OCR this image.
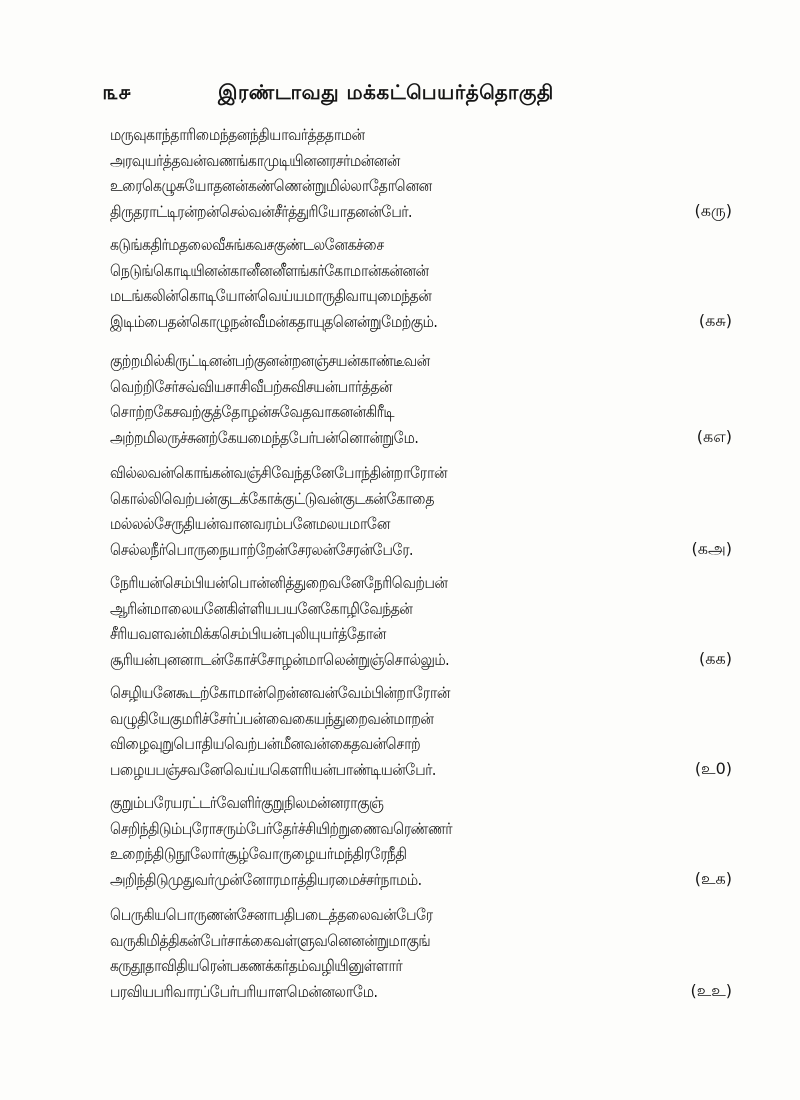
௩௪	இரண்டாவது மக்கட்பெயர்த்தொகுதி
மருவுகாந்தாரிமைந்தனந்தியாவர்த்ததாமன்
அரவுயர்த்தவன்வணங்காமுடியினனரசர்மன்னன்
உரைகெழுசுயோதனன்கண்ணென்றுமில்லாதோனென
திருதராட்டிரன்றன்செல்வன்சீர்த்துரியோதனன்பேர்.	(கரு)
கடுங்கதிர்மதலைவீசுங்கவசகுண்டலனேகச்சை
நெடுங்கொடியினன்கானீனனீளங்கர்கோமான்கன்னன்
மடங்கலின்கொடியோன்வெய்யமாருதிவாயுமைந்தன்
இடிம்பைதன்கொழுநன்வீமன்கதாயுதனென்றுமேற்கும்.	(கசு)
குற்றமில்கிருட்டினன்பற்குனன்றனஞ்சயன்காண்டீவன்
வெற்றிசேர்சவ்வியசாசிவீபற்சுவிசயன்பார்த்தன்
சொற்றகேசவற்குத்தோழன்சுவேதவாகனன்கிரீடி
அற்றமிலருச்சுனற்கேயமைந்தபேர்பன்னொன்றுமே.	(கஎ)
வில்லவன்கொங்கன்வஞ்சிவேந்தனேபோந்தின்றாரோன்
கொல்லிவெற்பன்குடக்கோக்குட்டுவன்குடகன்கோதை
மல்லல்சேருதியன்வானவரம்பனேமலயமானே
செல்லநீர்பொருநையாற்றேன்சேரலன்சேரன்பேரே.	(கஅ)
நேரியன்செம்பியன்பொன்னித்துறைவனேநேரிவெற்பன்
ஆரின்மாலையனேகிள்ளியபயனேகோழிவேந்தன்
சீரியவளவன்மிக்கசெம்பியன்புலியுயர்த்தோன்
சூரியன்புனனாடன்கோச்சோழன்மாலென்றுஞ்சொல்லும்.	(கக)
செழியனேகூடற்கோமான்றென்னவன்வேம்பின்றாரோன்
வழுதியேகுமரிச்சேர்ப்பன்வைகையந்துறைவன்மாறன்
விழைவுறுபொதியவெற்பன்மீனவன்கைதவன்சொற்
பழையபஞ்சவனேவெய்யகௌரியன்பாண்டியன்பேர்.	(உ0)
குறும்பரேயரட்டர்வேளிர்குறுநிலமன்னராகுஞ்
செறிந்திடும்புரோசரும்பேர்தேர்ச்சியிற்றுணைவரெண்ணர்
உறைந்திடுநூலோர்சூழ்வோருழையர்மந்திரரேநீதி
அறிந்திடுமுதுவர்முன்னோரமாத்தியரமைச்சர்நாமம்.	(உக)
பெருகியபொருணன்சேனாபதிபடைத்தலைவன்பேரே
வருகிமித்திகன்பேர்சாக்கைவள்ளுவனெனன்றுமாகுங்
கருதூதாவிதியரென்பகணக்கர்தம்வழியினுள்ளார்
பரவியபரிவாரப்பேர்பரியாளமென்னலாமே.	(உஉ)
